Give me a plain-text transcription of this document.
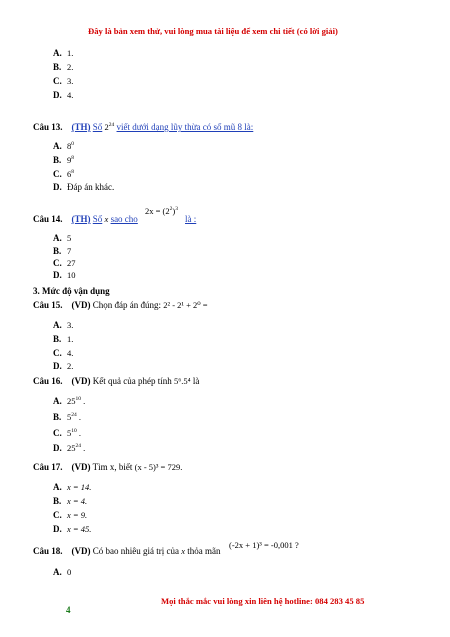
Đây là bản xem thử, vui lòng mua tài liệu để xem chi tiết (có lời giải)
A. 1.
B. 2.
C. 3.
D. 4.
Câu 13. (TH) Số $2^{24}$ viết dưới dạng lũy thừa có số mũ 8 là:
A. $8^0$
B. $9^8$
C. $6^8$
D. Đáp án khác.
Câu 14. (TH) Số x sao cho
$2x = (2^2)^3$
là :
A. 5
B. 7
C. 27
D. 10
3. Mức độ vận dụng
Câu 15. (VD) Chọn đáp án đúng: 2² - 2¹ + 2⁰ =
A. 3.
B. 1.
C. 4.
D. 2.
Câu 16. (VD) Kết quả của phép tính 5⁶.5⁴ là
A. $25^{10}$ .
B. $5^{24}$ .
C. $5^{10}$ .
D. $25^{24}$ .
Câu 17. (VD) Tìm x, biết (x - 5)³ = 729.
A. x = 14.
B. x = 4.
C. x = 9.
D. x = 45.
Câu 18. (VD) Có bao nhiêu giá trị của x thỏa mãn
(-2x + 1)³ = -0,001 ?
A. 0
Mọi thắc mắc vui lòng xin liên hệ hotline: 084 283 45 85
4
